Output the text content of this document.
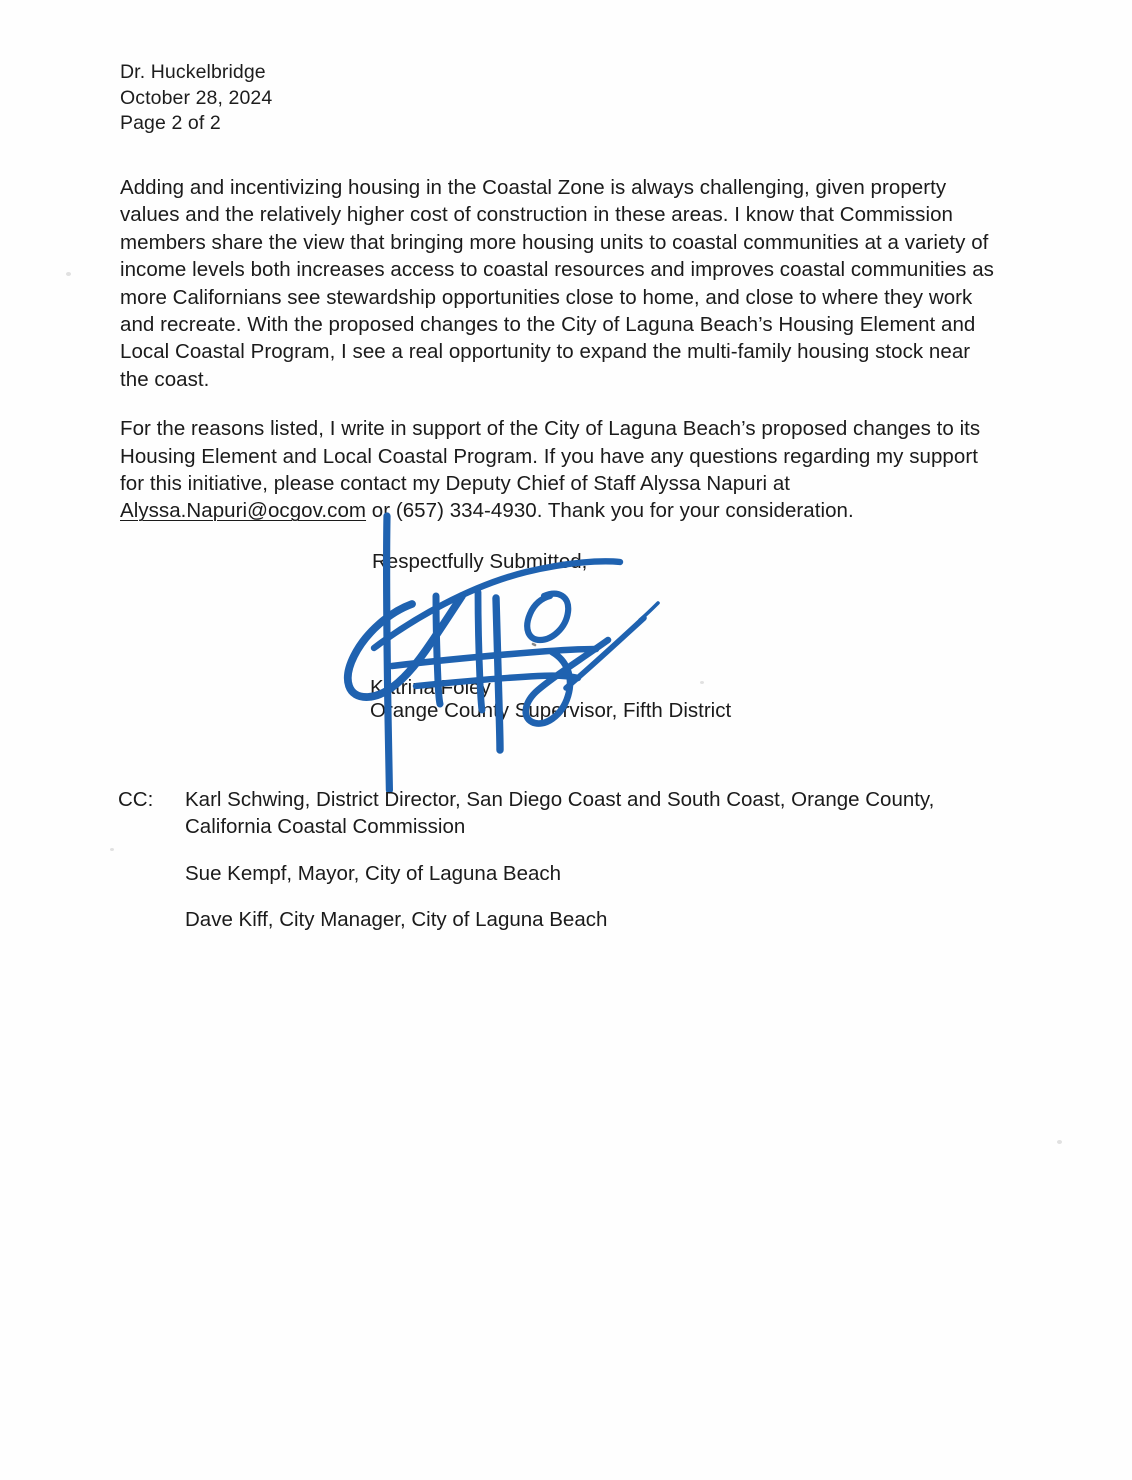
Dr. Huckelbridge
October 28, 2024
Page 2 of 2

Adding and incentivizing housing in the Coastal Zone is always challenging, given property
values and the relatively higher cost of construction in these areas. I know that Commission
members share the view that bringing more housing units to coastal communities at a variety of
income levels both increases access to coastal resources and improves coastal communities as
more Californians see stewardship opportunities close to home, and close to where they work
and recreate. With the proposed changes to the City of Laguna Beach’s Housing Element and
Local Coastal Program, I see a real opportunity to expand the multi-family housing stock near
the coast.

For the reasons listed, I write in support of the City of Laguna Beach’s proposed changes to its
Housing Element and Local Coastal Program. If you have any questions regarding my support
for this initiative, please contact my Deputy Chief of Staff Alyssa Napuri at
Alyssa.Napuri@ocgov.com or (657) 334-4930. Thank you for your consideration.

Respectfully Submitted,
Katrina Foley
Orange County Supervisor, Fifth District
CC: Karl Schwing, District Director, San Diego Coast and South Coast, Orange County,
California Coastal Commission
Sue Kempf, Mayor, City of Laguna Beach
Dave Kiff, City Manager, City of Laguna Beach
